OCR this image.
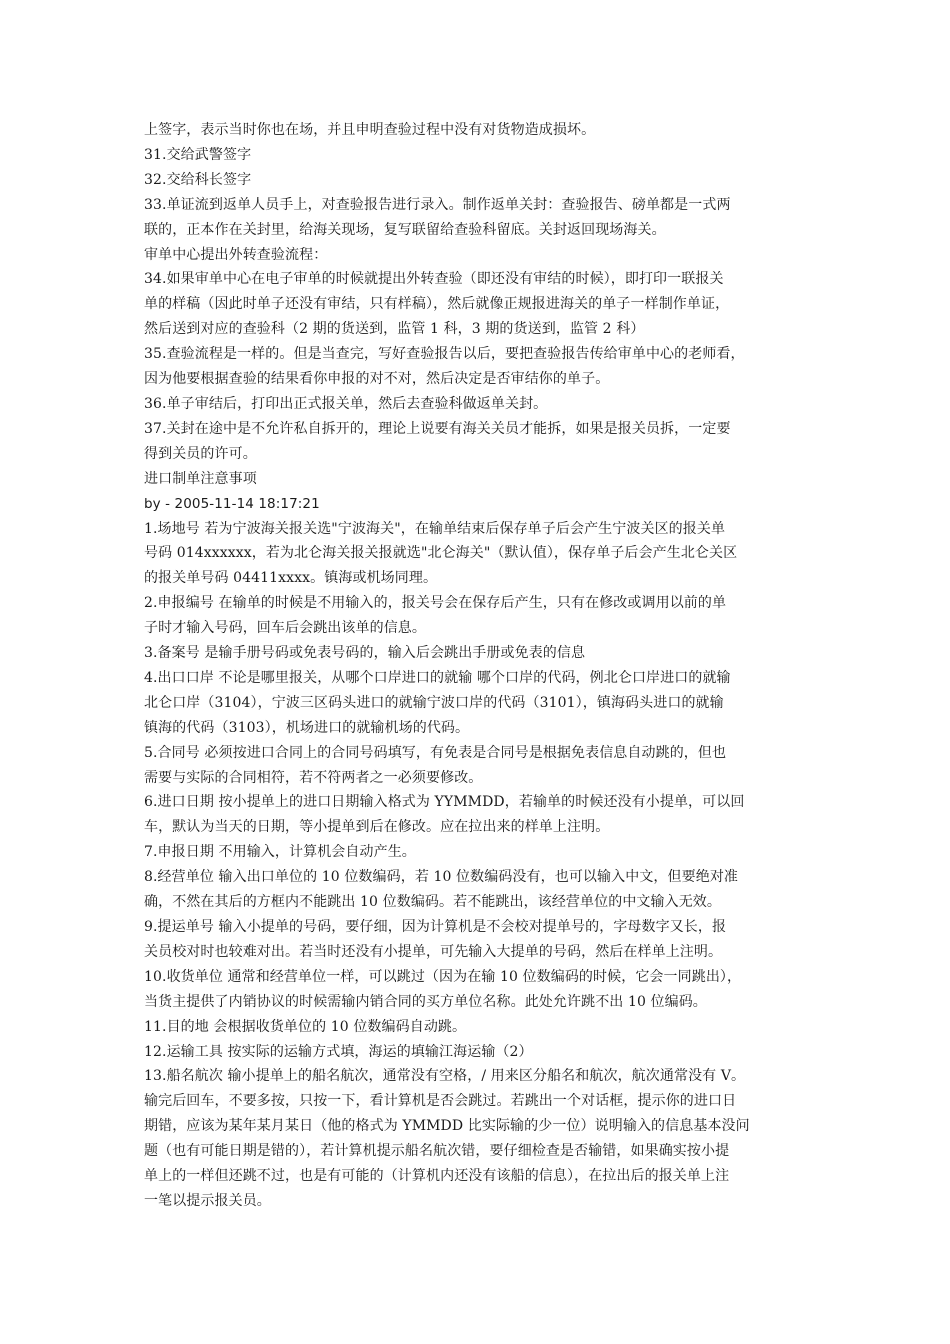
上签字，表示当时你也在场，并且申明查验过程中没有对货物造成损坏。
31.交给武警签字
32.交给科长签字
33.单证流到返单人员手上，对查验报告进行录入。制作返单关封：查验报告、磅单都是一式两
联的，正本作在关封里，给海关现场，复写联留给查验科留底。关封返回现场海关。
审单中心提出外转查验流程：
34.如果审单中心在电子审单的时候就提出外转查验（即还没有审结的时候），即打印一联报关
单的样稿（因此时单子还没有审结，只有样稿），然后就像正规报进海关的单子一样制作单证，
然后送到对应的查验科（2 期的货送到，监管 1 科，3 期的货送到，监管 2 科）
35.查验流程是一样的。但是当查完，写好查验报告以后，要把查验报告传给审单中心的老师看，
因为他要根据查验的结果看你申报的对不对，然后决定是否审结你的单子。
36.单子审结后，打印出正式报关单，然后去查验科做返单关封。
37.关封在途中是不允许私自拆开的，理论上说要有海关关员才能拆，如果是报关员拆，一定要
得到关员的许可。
进口制单注意事项
by - 2005-11-14 18:17:21
1.场地号 若为宁波海关报关选"宁波海关"，在输单结束后保存单子后会产生宁波关区的报关单
号码 014xxxxxx，若为北仑海关报关报就选"北仑海关"（默认值），保存单子后会产生北仑关区
的报关单号码 04411xxxx。镇海或机场同理。
2.申报编号 在输单的时候是不用输入的，报关号会在保存后产生，只有在修改或调用以前的单
子时才输入号码，回车后会跳出该单的信息。
3.备案号 是输手册号码或免表号码的，输入后会跳出手册或免表的信息
4.出口口岸 不论是哪里报关，从哪个口岸进口的就输 哪个口岸的代码，例北仑口岸进口的就输
北仑口岸（3104），宁波三区码头进口的就输宁波口岸的代码（3101），镇海码头进口的就输
镇海的代码（3103），机场进口的就输机场的代码。
5.合同号 必须按进口合同上的合同号码填写，有免表是合同号是根据免表信息自动跳的，但也
需要与实际的合同相符，若不符两者之一必须要修改。
6.进口日期 按小提单上的进口日期输入格式为 YYMMDD，若输单的时候还没有小提单，可以回
车，默认为当天的日期，等小提单到后在修改。应在拉出来的样单上注明。
7.申报日期 不用输入，计算机会自动产生。
8.经营单位 输入出口单位的 10 位数编码，若 10 位数编码没有，也可以输入中文，但要绝对准
确，不然在其后的方框内不能跳出 10 位数编码。若不能跳出，该经营单位的中文输入无效。
9.提运单号 输入小提单的号码，要仔细，因为计算机是不会校对提单号的，字母数字又长，报
关员校对时也较难对出。若当时还没有小提单，可先输入大提单的号码，然后在样单上注明。
10.收货单位 通常和经营单位一样，可以跳过（因为在输 10 位数编码的时候，它会一同跳出），
当货主提供了内销协议的时候需输内销合同的买方单位名称。此处允许跳不出 10 位编码。
11.目的地 会根据收货单位的 10 位数编码自动跳。
12.运输工具 按实际的运输方式填，海运的填输江海运输（2）
13.船名航次 输小提单上的船名航次，通常没有空格，/ 用来区分船名和航次，航次通常没有 V。
输完后回车，不要多按，只按一下，看计算机是否会跳过。若跳出一个对话框，提示你的进口日
期错，应该为某年某月某日（他的格式为 YMMDD 比实际输的少一位）说明输入的信息基本没问
题（也有可能日期是错的），若计算机提示船名航次错，要仔细检查是否输错，如果确实按小提
单上的一样但还跳不过，也是有可能的（计算机内还没有该船的信息），在拉出后的报关单上注
一笔以提示报关员。
